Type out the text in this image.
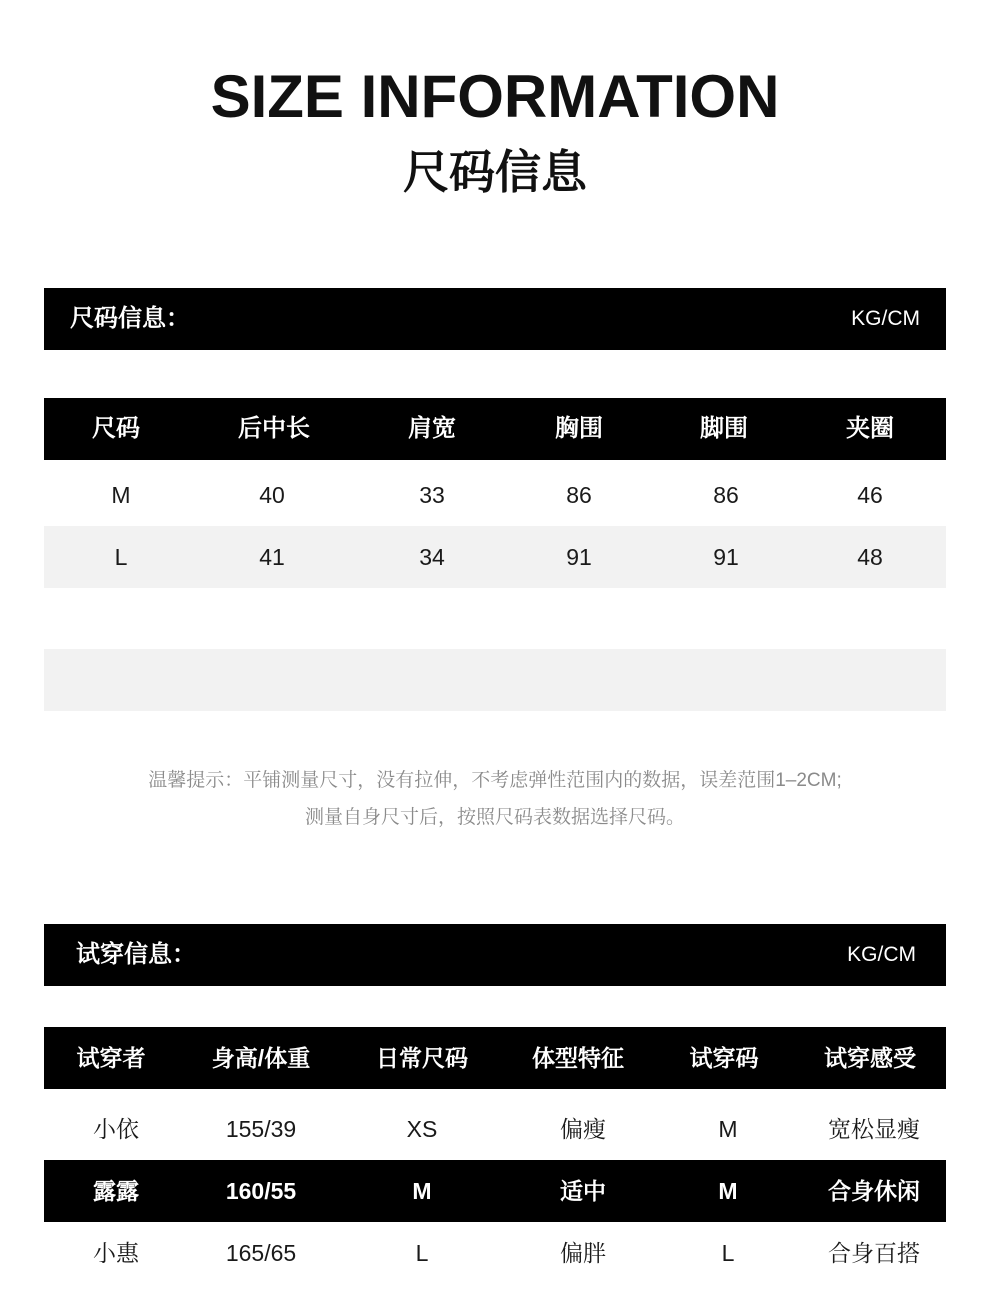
SIZE INFORMATION
尺码信息
尺码信息：	KG/CM
尺码	后中长	肩宽	胸围	脚围	夹圈
M	40	33	86	86	46
L	41	34	91	91	48
温馨提示：平铺测量尺寸，没有拉伸，不考虑弹性范围内的数据，误差范围1–2CM;
测量自身尺寸后，按照尺码表数据选择尺码。
试穿信息：	KG/CM
试穿者	身高/体重	日常尺码	体型特征	试穿码	试穿感受
小依	155/39	XS	偏瘦	M	宽松显瘦
露露	160/55	M	适中	M	合身休闲
小惠	165/65	L	偏胖	L	合身百搭
